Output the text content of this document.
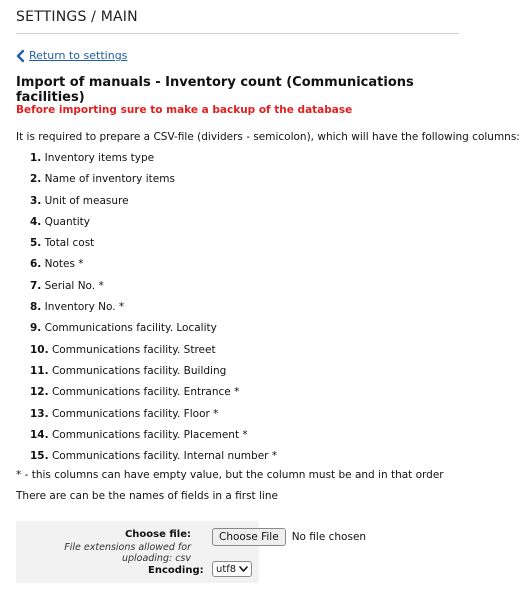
SETTINGS / MAIN
Return to settings
Import of manuals - Inventory count (Communications facilities)
Before importing sure to make a backup of the database
It is required to prepare a CSV-file (dividers - semicolon), which will have the following columns:
1. Inventory items type
2. Name of inventory items
3. Unit of measure
4. Quantity
5. Total cost
6. Notes *
7. Serial No. *
8. Inventory No. *
9. Communications facility. Locality
10. Communications facility. Street
11. Communications facility. Building
12. Communications facility. Entrance *
13. Communications facility. Floor *
14. Communications facility. Placement *
15. Communications facility. Internal number *
* - this columns can have empty value, but the column must be and in that order
There are can be the names of fields in a first line
Choose file:
File extensions allowed for uploading: csv
Choose File	No file chosen
Encoding: utf8
